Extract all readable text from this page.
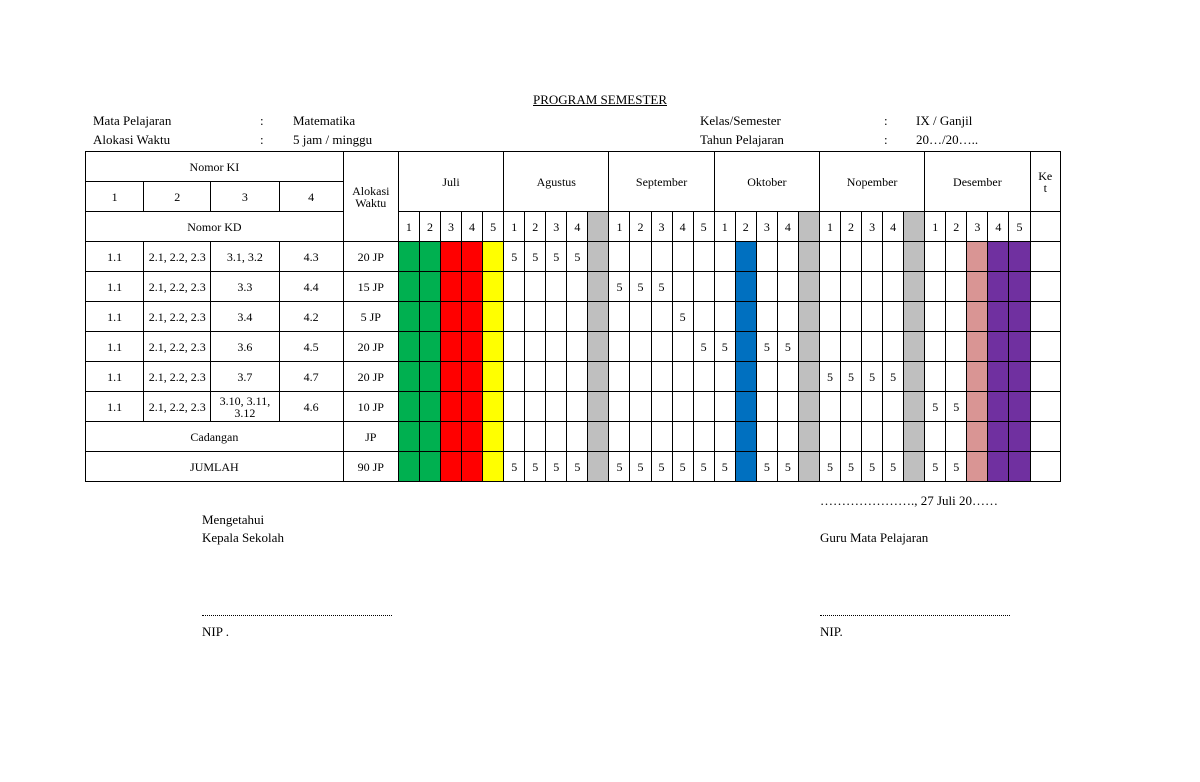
PROGRAM SEMESTER
Mata Pelajaran	: Matematika
Alokasi Waktu	: 5 jam / minggu
Kelas/Semester	: IX / Ganjil
Tahun Pelajaran	: 20…/20…..
Nomor KI				Alokasi Waktu	Juli					Agustus					September					Oktober					Nopember					Desember					Ket
1	2	3	4																																
Nomor KD					1	2	3	4	5	1	2	3	4		1	2	3	4	5	1	2	3	4		1	2	3	4		1	2	3	4	5	
1.1	2.1, 2.2, 2.3	3.1, 3.2	4.3	20 JP						5	5	5	5																						
1.1	2.1, 2.2, 2.3	3.3	4.4	15 JP											5	5	5																		
1.1	2.1, 2.2, 2.3	3.4	4.2	5 JP														5																	
1.1	2.1, 2.2, 2.3	3.6	4.5	20 JP															5	5		5	5												
1.1	2.1, 2.2, 2.3	3.7	4.7	20 JP																					5	5	5	5							
1.1	2.1, 2.2, 2.3	3.10, 3.11, 3.12	4.6	10 JP																										5	5				
Cadangan				JP																															
JUMLAH				90 JP						5	5	5	5		5	5	5	5	5	5		5	5		5	5	5	5		5	5				
…………………., 27 Juli 20……
Mengetahui
Kepala Sekolah	Guru Mata Pelajaran
NIP .	NIP.
